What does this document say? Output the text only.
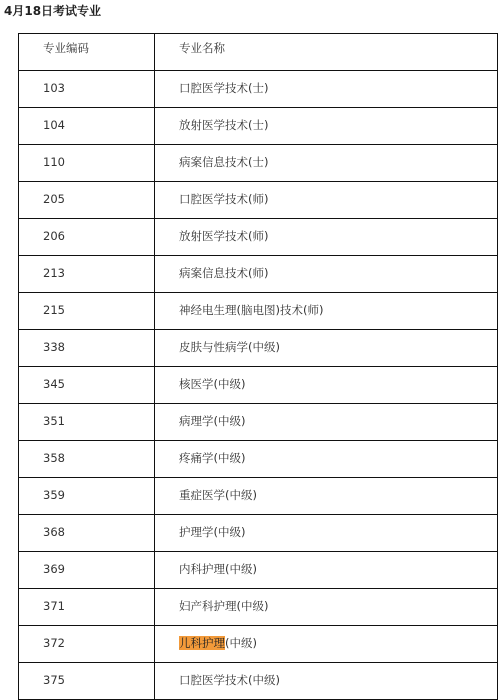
4月18日考试专业
专业编码	专业名称

103	口腔医学技术(士)

104	放射医学技术(士)

110	病案信息技术(士)

205	口腔医学技术(师)

206	放射医学技术(师)

213	病案信息技术(师)

215	神经电生理(脑电图)技术(师)

338	皮肤与性病学(中级)

345	核医学(中级)

351	病理学(中级)

358	疼痛学(中级)

359	重症医学(中级)

368	护理学(中级)

369	内科护理(中级)

371	妇产科护理(中级)

372	儿科护理(中级)

375	口腔医学技术(中级)
